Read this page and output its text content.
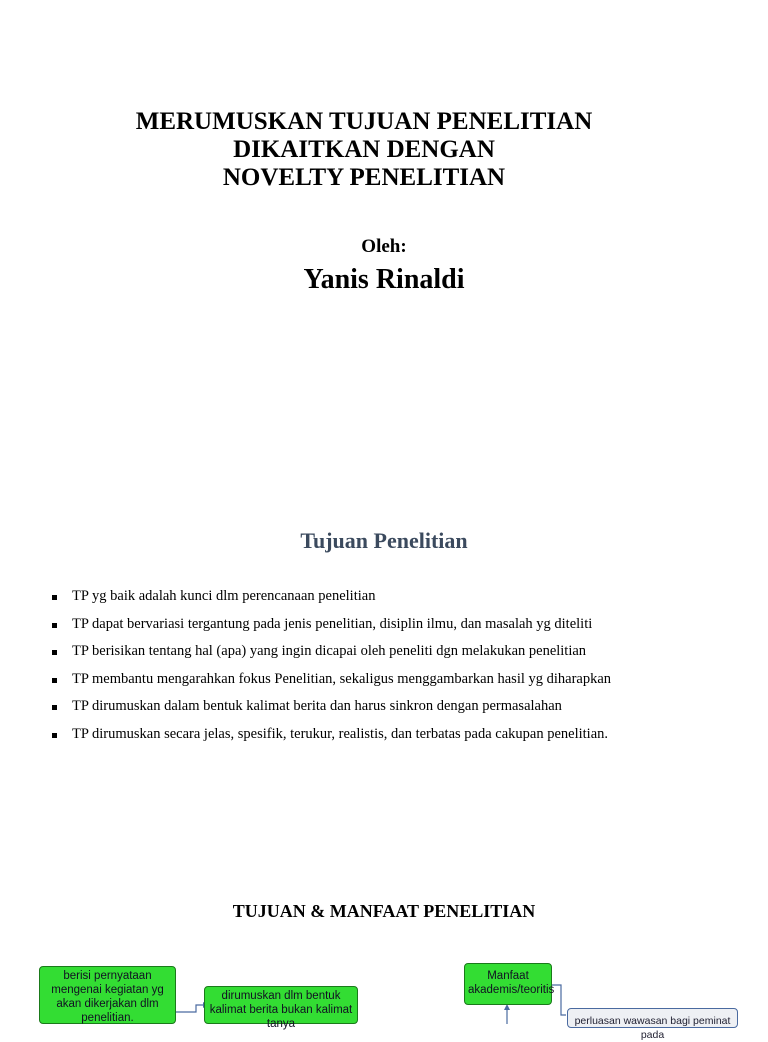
MERUMUSKAN TUJUAN PENELITIAN
DIKAITKAN DENGAN
NOVELTY PENELITIAN
Oleh:
Yanis Rinaldi
Tujuan Penelitian
TP yg baik adalah kunci dlm perencanaan penelitian
TP dapat bervariasi tergantung pada jenis penelitian, disiplin ilmu, dan masalah yg diteliti
TP berisikan tentang hal (apa) yang ingin dicapai oleh peneliti dgn melakukan penelitian
TP membantu mengarahkan fokus Penelitian, sekaligus menggambarkan hasil yg diharapkan
TP dirumuskan dalam bentuk kalimat berita dan harus sinkron dengan permasalahan
TP dirumuskan secara jelas, spesifik, terukur, realistis, dan terbatas pada cakupan penelitian.
TUJUAN & MANFAAT PENELITIAN
berisi pernyataan mengenai kegiatan yg akan dikerjakan dlm penelitian.
dirumuskan dlm bentuk kalimat berita bukan kalimat tanya
Manfaat akademis/teoritis
perluasan wawasan bagi peminat pada
